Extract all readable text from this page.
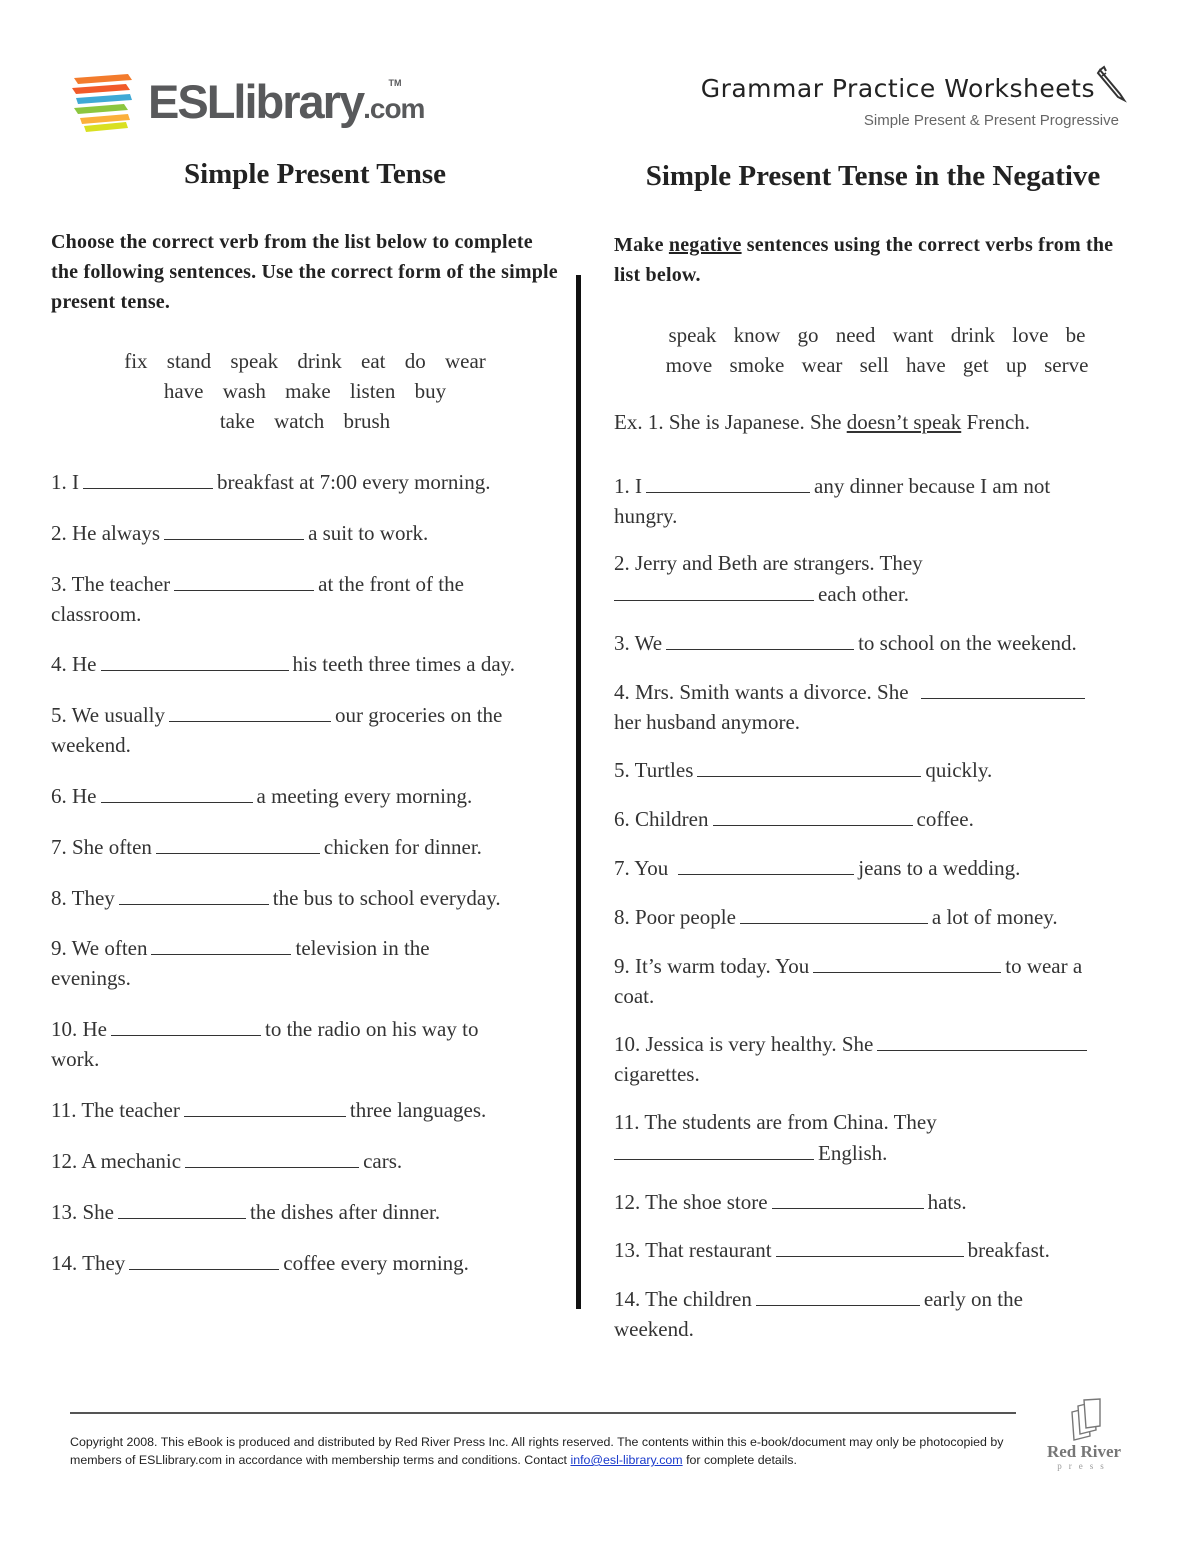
ESLlibrary.com™	Grammar Practice Worksheets
Simple Present & Present Progressive
Simple Present Tense
Choose the correct verb from the list below to complete the following sentences. Use the correct form of the simple present tense.
fix stand speak drink eat do wear
have wash make listen buy
take watch brush
1. I	breakfast at 7:00 every morning.
2. He always	a suit to work.
3. The teacher	at the front of the
classroom.
4. He	his teeth three times a day.
5. We usually	our groceries on the
weekend.
6. He	a meeting every morning.
7. She often	chicken for dinner.
8. They	the bus to school everyday.
9. We often	television in the
evenings.
10. He	to the radio on his way to
work.
11. The teacher	three languages.
12. A mechanic	cars.
13. She	the dishes after dinner.
14. They	coffee every morning.
Simple Present Tense in the Negative
Make negative sentences using the correct verbs from the list below.
speak know go need want drink love be
move smoke wear sell have get up serve
Ex. 1. She is Japanese. She doesn’t speak French.
1. I	any dinner because I am not
hungry.
2. Jerry and Beth are strangers. They
each other.
3. We	to school on the weekend.
4. Mrs. Smith wants a divorce. She
her husband anymore.
5. Turtles	quickly.
6. Children	coffee.
7. You	jeans to a wedding.
8. Poor people	a lot of money.
9. It’s warm today. You	to wear a
coat.
10. Jessica is very healthy. She
cigarettes.
11. The students are from China. They
English.
12. The shoe store	hats.
13. That restaurant	breakfast.
14. The children	early on the
weekend.
Copyright 2008. This eBook is produced and distributed by Red River Press Inc. All rights reserved. The contents within this e-book/document may only be photocopied by members of ESLlibrary.com in accordance with membership terms and conditions. Contact info@esl-library.com for complete details.	Red River
press
